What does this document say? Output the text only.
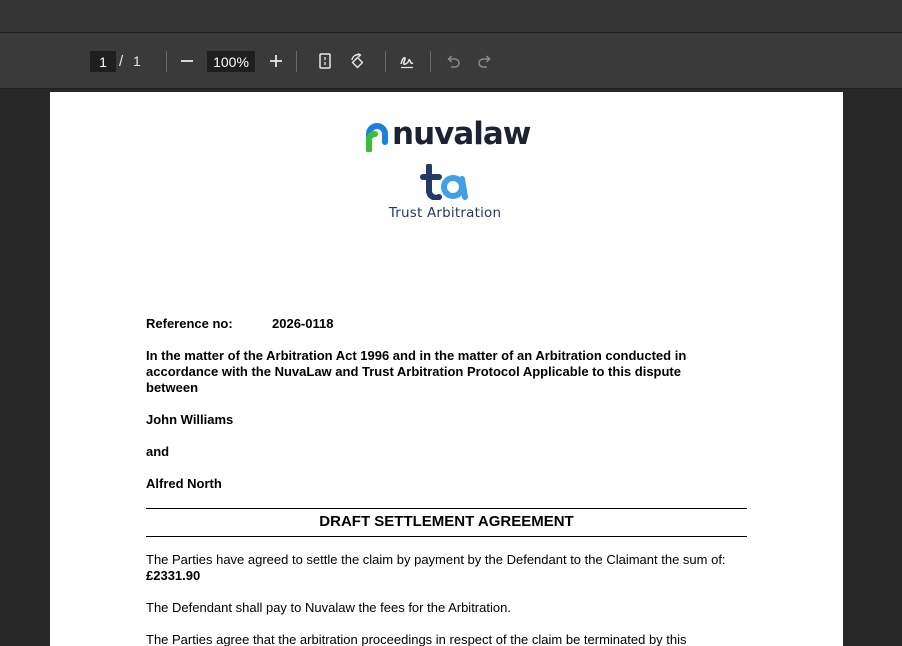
1 / 1	100%
nuvalaw
Trust Arbitration
Reference no:	2026-0118
In the matter of the Arbitration Act 1996 and in the matter of an Arbitration conducted in accordance with the NuvaLaw and Trust Arbitration Protocol Applicable to this dispute between
John Williams
and
Alfred North
DRAFT SETTLEMENT AGREEMENT
The Parties have agreed to settle the claim by payment by the Defendant to the Claimant the sum of:
£2331.90
The Defendant shall pay to Nuvalaw the fees for the Arbitration.
The Parties agree that the arbitration proceedings in respect of the claim be terminated by this
